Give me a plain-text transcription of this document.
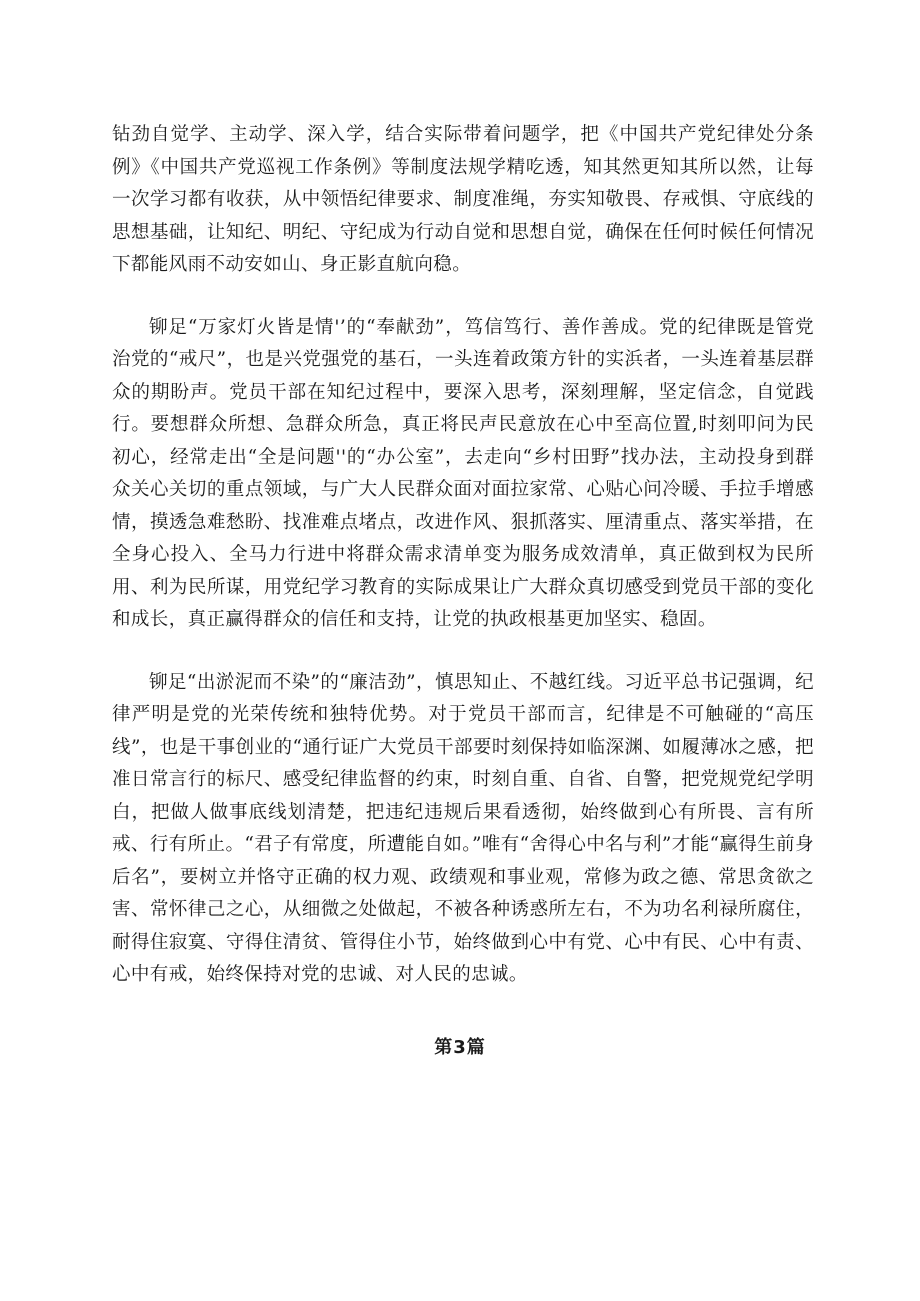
钻劲自觉学、主动学、深入学，结合实际带着问题学，把《中国共产党纪律处分条例》《中国共产党巡视工作条例》等制度法规学精吃透，知其然更知其所以然，让每一次学习都有收获，从中领悟纪律要求、制度准绳，夯实知敬畏、存戒惧、守底线的思想基础，让知纪、明纪、守纪成为行动自觉和思想自觉，确保在任何时候任何情况下都能风雨不动安如山、身正影直航向稳。

铆足“万家灯火皆是情'’的“奉献劲”，笃信笃行、善作善成。党的纪律既是管党治党的“戒尺”，也是兴党强党的基石，一头连着政策方针的实浜者，一头连着基层群众的期盼声。党员干部在知纪过程中，要深入思考，深刻理解，坚定信念，自觉践行。要想群众所想、急群众所急，真正将民声民意放在心中至高位置,时刻叩问为民初心，经常走出“全是问题''的“办公室”，去走向“乡村田野”找办法，主动投身到群众关心关切的重点领域，与广大人民群众面对面拉家常、心贴心问冷暖、手拉手增感情，摸透急难愁盼、找准难点堵点，改进作风、狠抓落实、厘清重点、落实举措，在全身心投入、全马力行进中将群众需求清单变为服务成效清单，真正做到权为民所用、利为民所谋，用党纪学习教育的实际成果让广大群众真切感受到党员干部的变化和成长，真正赢得群众的信任和支持，让党的执政根基更加坚实、稳固。

铆足“出淤泥而不染”的“廉洁劲”，慎思知止、不越红线。习近平总书记强调，纪律严明是党的光荣传统和独特优势。对于党员干部而言，纪律是不可触碰的“高压线”，也是干事创业的“通行证广大党员干部要时刻保持如临深渊、如履薄冰之感，把准日常言行的标尺、感受纪律监督的约束，时刻自重、自省、自警，把党规党纪学明白，把做人做事底线划清楚，把违纪违规后果看透彻，始终做到心有所畏、言有所戒、行有所止。“君子有常度，所遭能自如。”唯有“舍得心中名与利”才能“赢得生前身后名”，要树立并恪守正确的权力观、政绩观和事业观，常修为政之德、常思贪欲之害、常怀律己之心，从细微之处做起，不被各种诱惑所左右，不为功名利禄所腐住，耐得住寂寞、守得住清贫、管得住小节，始终做到心中有党、心中有民、心中有责、心中有戒，始终保持对党的忠诚、对人民的忠诚。

第3篇
